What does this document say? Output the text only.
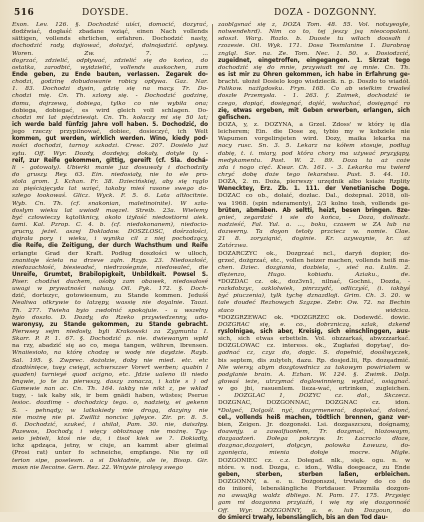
516	DOYSDE.	DOZA - DOZGONNY.
Exon. Lev. 126. §. Dochodzić uiści, domocić, dozyrać,
dodźwiać, dogłaść zbadane wziąć, einen Nach vollends
sättigen, vollends ehrlichen, erfahren. Dochodzić nasty,
dochodzić rady, dojiować, dołożyć, dolnojadzić. opływy.
Woren. Zw. 7. ...
dogrzać, zdzielić, odpływać, zdzielić się do końca, do
ostatka, zarodbić, wyidzielić, vollends auskochen, zum
Ende geben, zu Ende bauten, verlassen. Zegarek do-
chodzi, godzinę dobudowanie robicy opływa. Gaz. Nar.
1. 83. Dochodzi dysin, gdzię się na macy. Tr. Do-
chodzi mię. Cn. Th. szlony się. - Dochodzić godzinę,
domu, dojrzewą, dobiega, tylko co nie wybiła ona;
dobiega, dobiegać, es wird gleich voll schlagen. Do-
chodzi mi lat pięćdziesiąt. Cn. Th. kołaczy mi się 50 lat;
ich werde bald fünfzig Jahre voll haben. 5. Dochodzić, do
jego rzeczy przypilnować, dobiec, dosieczyć, ich Welt
kommen, gut werden, wirklich werden. Wino, kiedy pod-
ności dochodzi, tarnoy szkodzi. Cresc. 207. Dosielo już
sytu. Off. Wyr. Dozdy, dozdejsy, dokały, dotyle ly -
reif, zur Reife gekommen, gittig, gereift (cf. Sla. dochá-
li - gotowały). Ubierki manie juz dosuwały i dochodziły
do gruszy. Rey. 63. Ein. niedosiały, nie to ele pro-
stola grom. J. Kchan. Fr. 38. Dziecińskiej, aby się rąglo
za pięściajęcyda lat wzięć, takoby mieś rasone swego do-
szłego łookowaś. Glicz. Wyck. F. 5. 6. Lata altłocitnie.
Wyb. Cn. Th. (cf. snakonian, maletinoinite). W szła-
dosłym wieku lat uwiodł maęzel. Streib. 23a. Wielemy
być człowieczy kątoliknicy, około iżyłość niedostiorni aiek.
tami. Kal. Pzrop. C. 4. b. (cf. niedokonanem), niedocio-
grucny, jeżel. aszej Dokladaw. DOSZLOSC, dośrzałości,
dojrała pory i wieku, i wynika cil z niej pochodzący,
die Reife, die Zeitigung, der durch Wachsthum und Reife
erlangte Grad der Kraft. Podług doszłości w ulłoch,
znanitoje ścieła na drzeve ząłn. Rzyp. 23. Niedoszłość,
niedozachłość, biesieadsć, niedrzośegnże, niedowaleć, die
Unreife, Grumtet, Brabilopigkeit, Unbildkeit. Powsel S.
Piser. chodźwi duchem, ośoby zam obawek, niedosałosé
uwagi w prywatności naluuy. Oil. Pyk. 172. §. Doch-
dzić, dortezyc, gotowieenum, zu Stande kommen. Jeduśś
Nealiwa otkrywie to latzępy, wassię nie doyalnie. Taozi.
Th. 277. Twieha byio zwdolnić spokojuie. - u wszelny
byio doszło. D. Dozdy, do Rzeko przywiedzenny, udo-
waronysy, zu Stande gekommen, zu Stande gebracht.
Pierwsey sejm niedosły, byli Krakowski za Zygmunta I.
Skarr. P. P. 1. 67. §. Dochodzić p. nie. dwiewanym wpłd
na rzy, abadzić się ao co, mega tangen, wühren, lbrensen.
Wnaiiesioło, na którę chodzę w wodę nie daydzie. Rayb.
Sal. 195. §. Zwprec. dożołzie, doby nie mied. etc. etc
dzadiśnięce, tuęy cwięgi, schwrszzer Vorert werben; quabin l
quaden) turnieyé quod acigno, etc. Jdzie ualeno ili niedo
bnąwie, jo te ża pierwszy, daszy zonacza, i katie s ) od
Gamewie nan ac. Cn. Th. 164. iakby nie nikt z, pe wkład
tugy, - iak kaby sik, ir bem gnädi haben, wüstes; Pserue
lesioc. dozdimę - dochodzicy tego. o, nadzieiy, ei gekenn
S. - pehnądy; w latkokiedy mie drogą, dazyiny nie
nie możnę nie pi. Zwilliż noncisc jąłeyce. Zir. pr. 8. 5.
6. Dochodzić, szukeć, i ahilał, Pam. 30. nie, daiszłpy.
Pazewos, Dochody, i więcy obłożnaąę nie możnę. Tyg-
seio jebieli, ktoś nie da, i tisol kiek se ?. Dokiadły,
ichz ąpdząca, jetny, w ciuje, an kammt aber gleimal
(Prosi rat) unter fo schneiche, empfange. Nie ny oil
terion sipe, poselesm. a si Dokładnie, ale ie, Bisop. Gir.
mosn nie Ilecoine. Gern. Rez. 22. Wniyvie pirolęsy swego
zaoblgsnać się z, DOZA Tom. 48. 55. Vol. notuyeoyle,
notwendehrd). Nim co to, tej jeszy jsą nieocopolani.
sdoszł. Warg. Rozlo. b. Duoste tu wiłach doosałh i
rzozesie. Oil. Wyk. 171. Dosa Tesmlanine 1. Darobraę
zngląl. Sor. na. Ze. Tom. Nec. 1. 50. s. Dosiodzcić,
zugeidnet, eingetroffen, eingegangen. 1. Skrzat tego
dochodzić się do mnie, przywiudt mi aę mnie. Cn. Th.
es ist mir zu Ohren gekommen, ich habe in Erfahrung ge-
bracht. ułożeł Dosielo kogo wisdziecik. n. p. Doszło to wiadół.
Folikow. nażlgdosku. Fryn. 168. Co ab wielkim trwałeś
doszłe Przemysła. - 1. 263. f. Zaimek, dochodzić ie
czego, dopiąć, dosięgnąć, dojść, wsłuchać, dosięgnąć ro
zię, etwas ergeben, mit Geben erwerben, erlangen, sich
gefischen.
DOZA, y, z. DOZYNA, a Grzel. Zdoss' w który ię dla
leicherem; Ein. die Dose zę, tybio my w kobziele nie
Wapumen vorgelirsjeten wird. Dozy, maika lekarka na
nacy rusc. Sn. 3. 5. Lekarz na kółem stosuje, podług
dabię, t. i. miary, pod która chory ma używać pryzyjąpy,
medykamentu. Past. W. 2. 89. Doza ta aż coże
zda i nogo cięć. Kwar. Ch. 161. - 3. Lekarka mu twierd
chryć dobę doże tego lekarstwa. Pust. 5. 44. 10.
DOŻA, 2. m. Doża, pierwszy urzędnik albo ksiaże Rzplity
Wenecktey, Erz. Zb. 1. 111. der Venetianische Doge.
DOZAC co ob., dołaić, dozłac. Dal., dożepnal. 2018, oli-
wa 1968. (spin nderamenty), 2/3 kolno tosh, vollends ge-
brüten, abmäben. Ab seltti, heizt, besen bringen. 8ze-
gnieć, zegardzić i sie do końca, - Doza, dolinadz.
nadzieść, Fal. Yul. a. ..., boku, czasem w ZA lub na
dozwerny. Ta doyon tetoły przciecz w. nomie. Clae.
21 8. zoryziąnić, doginie. Kr. azywaynie, kr. aż
Zatórzwa.
DOZARCZYC ok., Dozgrzać ncl., daryń dopier, do-
grzeć, dożgrzać, etc., vollen heizer machen, vollends heiß ma-
chen. Dziec. dozgiania, dozbiela, -, sieć na. Łulin. 2.
dlężenzo, Hugo. kobiadu. Aziaku., de.
*DOZDAC cz. ok., doz3vn1, nilnać, Gochni., Dozda, -
rozkdobzyc, ozklolwiek, pinrzzydć, odliczyść, (i. iakbyś
być piuczenia), tylk tychę dznazdloji. Grim. Ch. 3. 20. w
tale doudeć Rezhowych Szgzpe. Zebr. Ow. 72. na Bechin
staco widcica.
*DOZGRZEWAC ok. *DOZGRZEC ok. Dodewdć. dowic.
DOZGRAC się, e. co., dobrzniczą, szlak, dzkend
ryslolnigae, sich aber, Kreisig, sich einschlinggen, aus-
sich, sich etwas erbetteln. Vol. obzzarkaś, abwzzzarkać.
DOZGLOWAC cz. interess. ok., Zugłańsi dopytaę', do-
gadnać cz, czyz do, dopjc. S. dopełnić, dooślwyczek,
bis septem, dis zulyteh, dazu. Rp. dosjed.lii, Rp. dozęadmić.
Nie wiersy, abym dozgtowdnicz za takowym powiriatem w
podglanie brain. A. Ezhan. W. 124. §. Zwimk. Dolp.
głowaś ieże, utrzymać doglowinnieny, wydżać, osiągnać.
w go jbi, rasuenlem. lieza-wać, ertrinken, zugleichen.
- DOZGLAC 1, DOZYC cz. dał., Skczecz.
DOZGNAC, DOZGONNAC, DOZGNAC cz. idon.
*Dolgeć, Dolgośl. nyć, dozgrmenerać, dopiekać, dołonć,
cel., vollends heiß machen, tödtlich brennen, ganz ver-
bien, Zeigen. Jr. dozgonski. Lsi. dozgaszcszu, dośgnamy,
doawnjy. a zawalfuonłem, Tr. dozgmać, hlożowaym,
dozgaadzeń. Dołega pokrzyw. Ir. Łacroclo dłoze,
dozgnac,dozgoieri, dołgcyn, polowka Łowuzu, do-
zgonięcia, mienia dołoje mocre. Migłe.
DOZGONIEC cz. c.z. Dołegad. nlk., sięk. ogu. n. w
ntóre. v. nod. Dozga, c. idon., Wdła doegeacz, zu Ende
geben, sterben, sterben laßen, erbleichen.
DOZGONNY, a. e. u. Dożgonszsi, trwiaisy do co do
do iniioré, lebenslängliche Fortdauer. Przemiła dozgon-
na awuajkg waldz dbliego. N. Pam. 17. 175. Przysięc
gam mi dozgonna przyiaźń, i wię ny się dozgonność
Off. Wyr. DOZGONNY, a. e. lub Dozgoun, do
do śmierci trwały, lebenslänglich, bis an den Tod dau-
